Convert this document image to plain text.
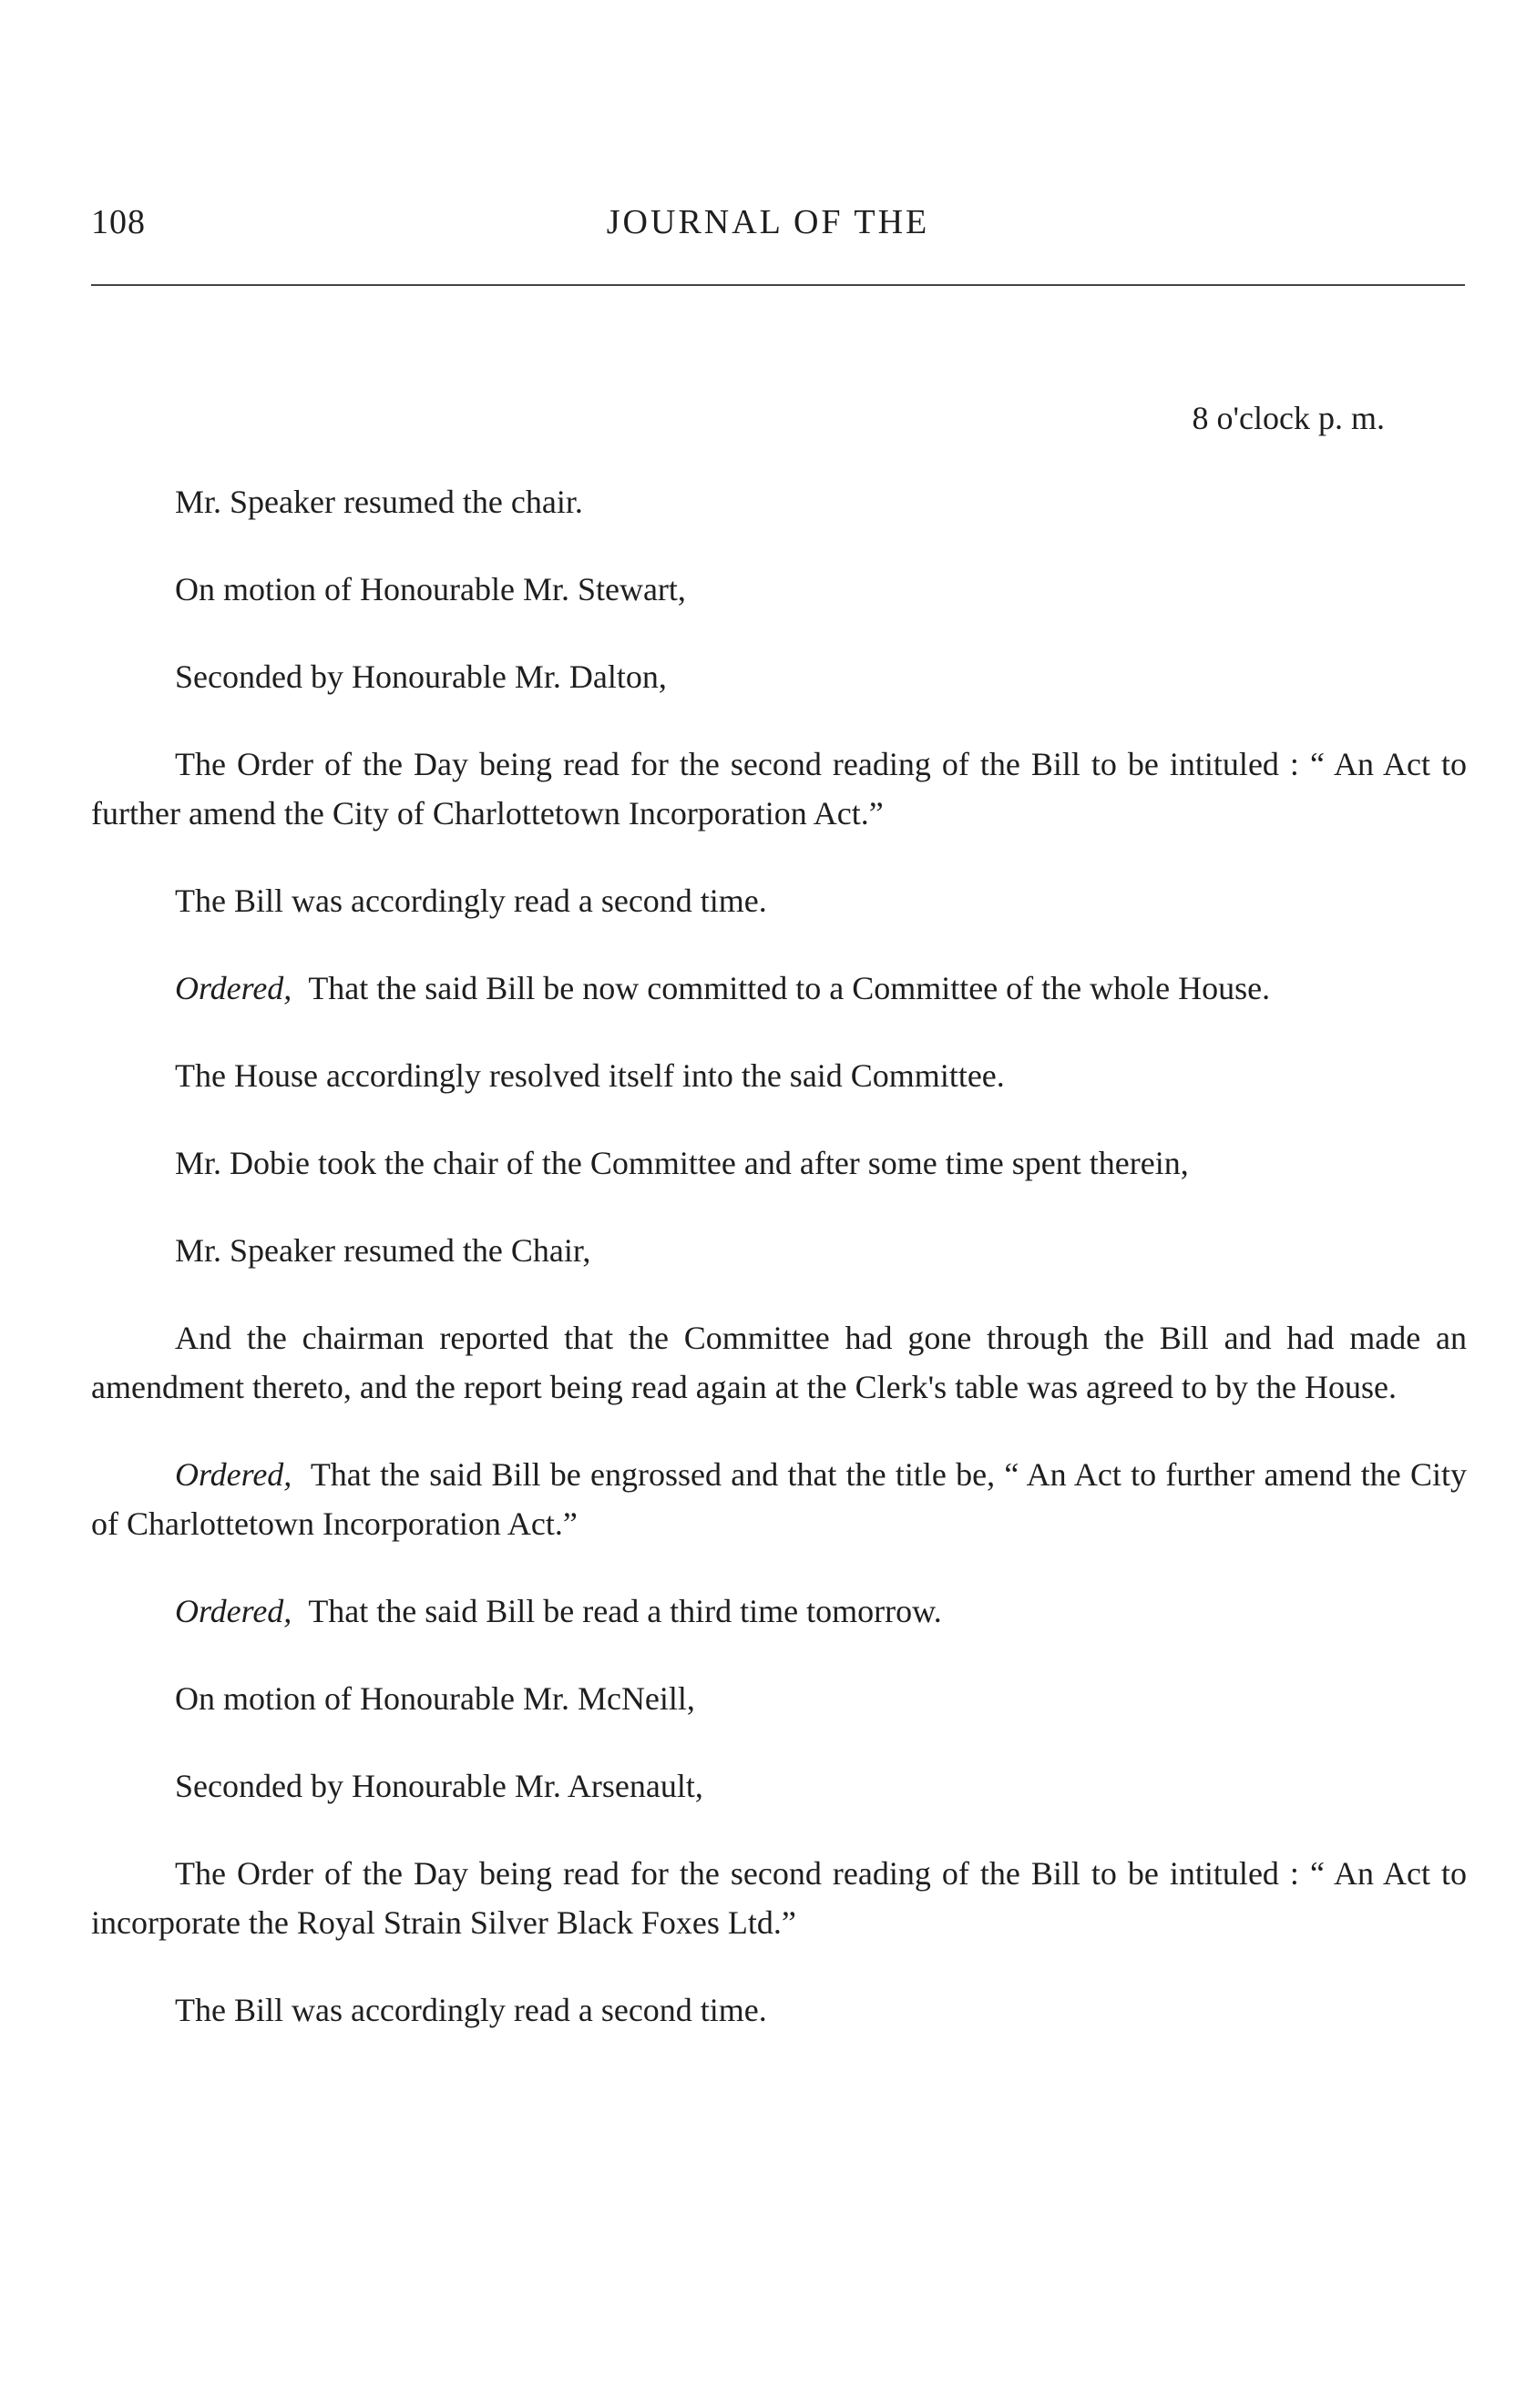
108	JOURNAL OF THE

8 o'clock p. m.

Mr. Speaker resumed the chair.

On motion of Honourable Mr. Stewart,

Seconded by Honourable Mr. Dalton,

The Order of the Day being read for the second reading of the Bill to be intituled : “ An Act to further amend the City of Charlottetown Incorporation Act.”

The Bill was accordingly read a second time.

Ordered, That the said Bill be now committed to a Committee of the whole House.

The House accordingly resolved itself into the said Committee.

Mr. Dobie took the chair of the Committee and after some time spent therein,

Mr. Speaker resumed the Chair,

And the chairman reported that the Committee had gone through the Bill and had made an amendment thereto, and the report being read again at the Clerk's table was agreed to by the House.

Ordered, That the said Bill be engrossed and that the title be, “ An Act to further amend the City of Charlottetown Incorporation Act.”

Ordered, That the said Bill be read a third time tomorrow.

On motion of Honourable Mr. McNeill,

Seconded by Honourable Mr. Arsenault,

The Order of the Day being read for the second reading of the Bill to be intituled : “ An Act to incorporate the Royal Strain Silver Black Foxes Ltd.”

The Bill was accordingly read a second time.
